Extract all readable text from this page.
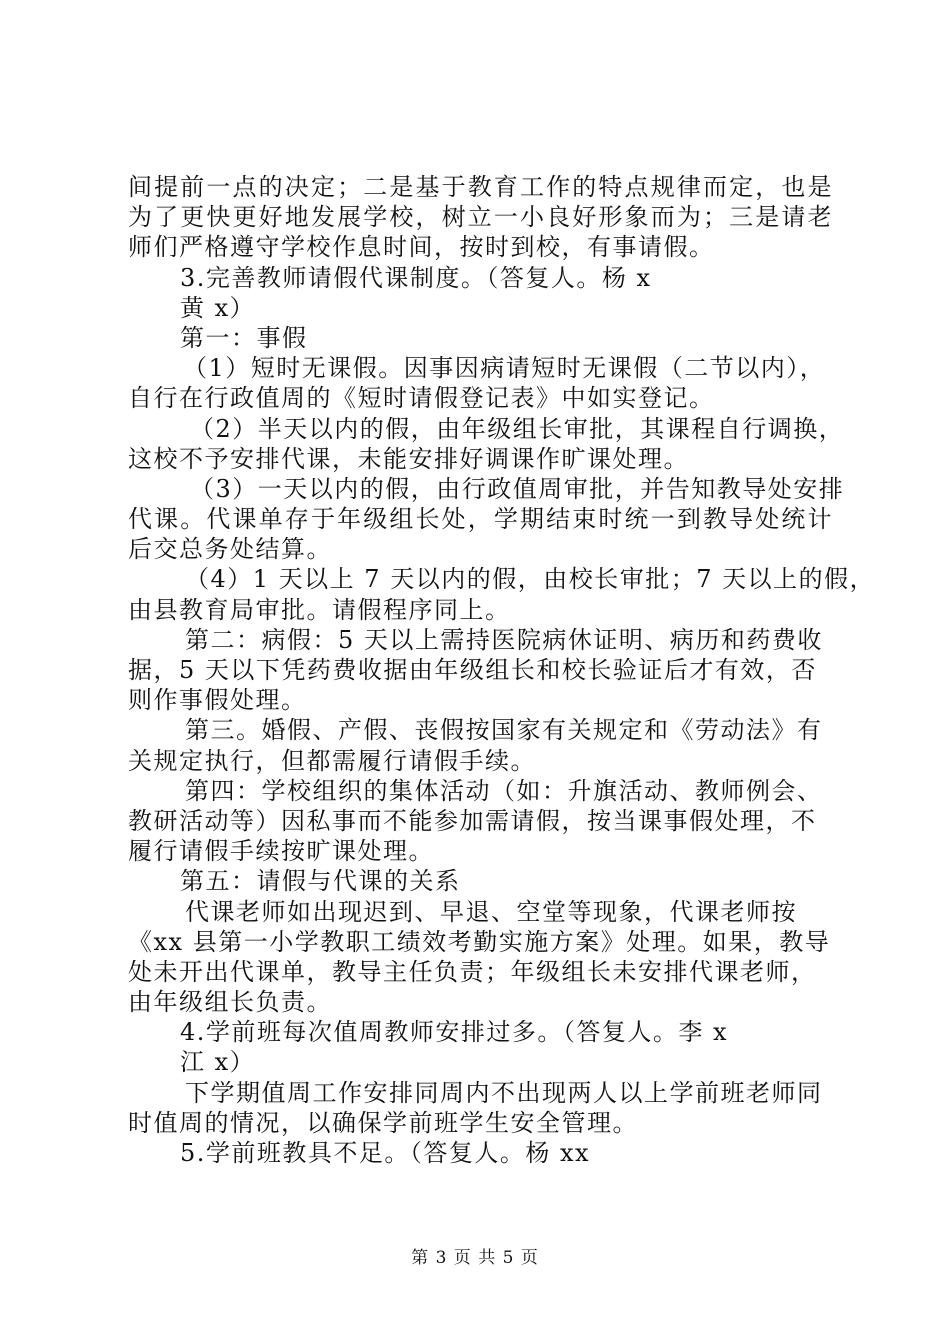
间提前一点的决定；二是基于教育工作的特点规律而定，也是
为了更快更好地发展学校，树立一小良好形象而为；三是请老
师们严格遵守学校作息时间，按时到校，有事请假。
3.完善教师请假代课制度。（答复人。杨 x
黄 x）
第一：事假
（1）短时无课假。因事因病请短时无课假（二节以内），
自行在行政值周的《短时请假登记表》中如实登记。
（2）半天以内的假，由年级组长审批，其课程自行调换，
这校不予安排代课，未能安排好调课作旷课处理。
（3）一天以内的假，由行政值周审批，并告知教导处安排
代课。代课单存于年级组长处，学期结束时统一到教导处统计
后交总务处结算。
（4）1 天以上 7 天以内的假，由校长审批；7 天以上的假，
由县教育局审批。请假程序同上。
第二：病假：5 天以上需持医院病休证明、病历和药费收
据，5 天以下凭药费收据由年级组长和校长验证后才有效，否
则作事假处理。
第三。婚假、产假、丧假按国家有关规定和《劳动法》有
关规定执行，但都需履行请假手续。
第四：学校组织的集体活动（如：升旗活动、教师例会、
教研活动等）因私事而不能参加需请假，按当课事假处理，不
履行请假手续按旷课处理。
第五：请假与代课的关系
代课老师如出现迟到、早退、空堂等现象，代课老师按
《xx 县第一小学教职工绩效考勤实施方案》处理。如果，教导
处未开出代课单，教导主任负责；年级组长未安排代课老师，
由年级组长负责。
4.学前班每次值周教师安排过多。（答复人。李 x
江 x）
下学期值周工作安排同周内不出现两人以上学前班老师同
时值周的情况，以确保学前班学生安全管理。
5.学前班教具不足。（答复人。杨 xx
第 3 页 共 5 页
